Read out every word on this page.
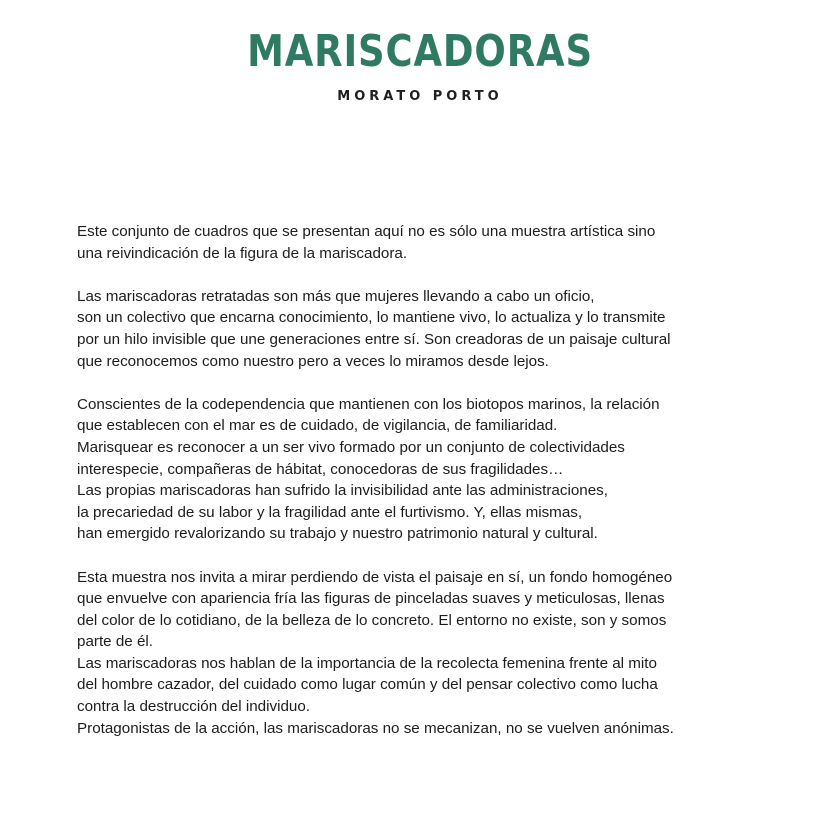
MARISCADORAS
MORATO PORTO

Este conjunto de cuadros que se presentan aquí no es sólo una muestra artística sino
una reivindicación de la figura de la mariscadora.

Las mariscadoras retratadas son más que mujeres llevando a cabo un oficio,
son un colectivo que encarna conocimiento, lo mantiene vivo, lo actualiza y lo transmite
por un hilo invisible que une generaciones entre sí. Son creadoras de un paisaje cultural
que reconocemos como nuestro pero a veces lo miramos desde lejos.

Conscientes de la codependencia que mantienen con los biotopos marinos, la relación
que establecen con el mar es de cuidado, de vigilancia, de familiaridad.
Marisquear es reconocer a un ser vivo formado por un conjunto de colectividades
interespecie, compañeras de hábitat, conocedoras de sus fragilidades…
Las propias mariscadoras han sufrido la invisibilidad ante las administraciones,
la precariedad de su labor y la fragilidad ante el furtivismo. Y, ellas mismas,
han emergido revalorizando su trabajo y nuestro patrimonio natural y cultural.

Esta muestra nos invita a mirar perdiendo de vista el paisaje en sí, un fondo homogéneo
que envuelve con apariencia fría las figuras de pinceladas suaves y meticulosas, llenas
del color de lo cotidiano, de la belleza de lo concreto. El entorno no existe, son y somos
parte de él.
Las mariscadoras nos hablan de la importancia de la recolecta femenina frente al mito
del hombre cazador, del cuidado como lugar común y del pensar colectivo como lucha
contra la destrucción del individuo.
Protagonistas de la acción, las mariscadoras no se mecanizan, no se vuelven anónimas.
